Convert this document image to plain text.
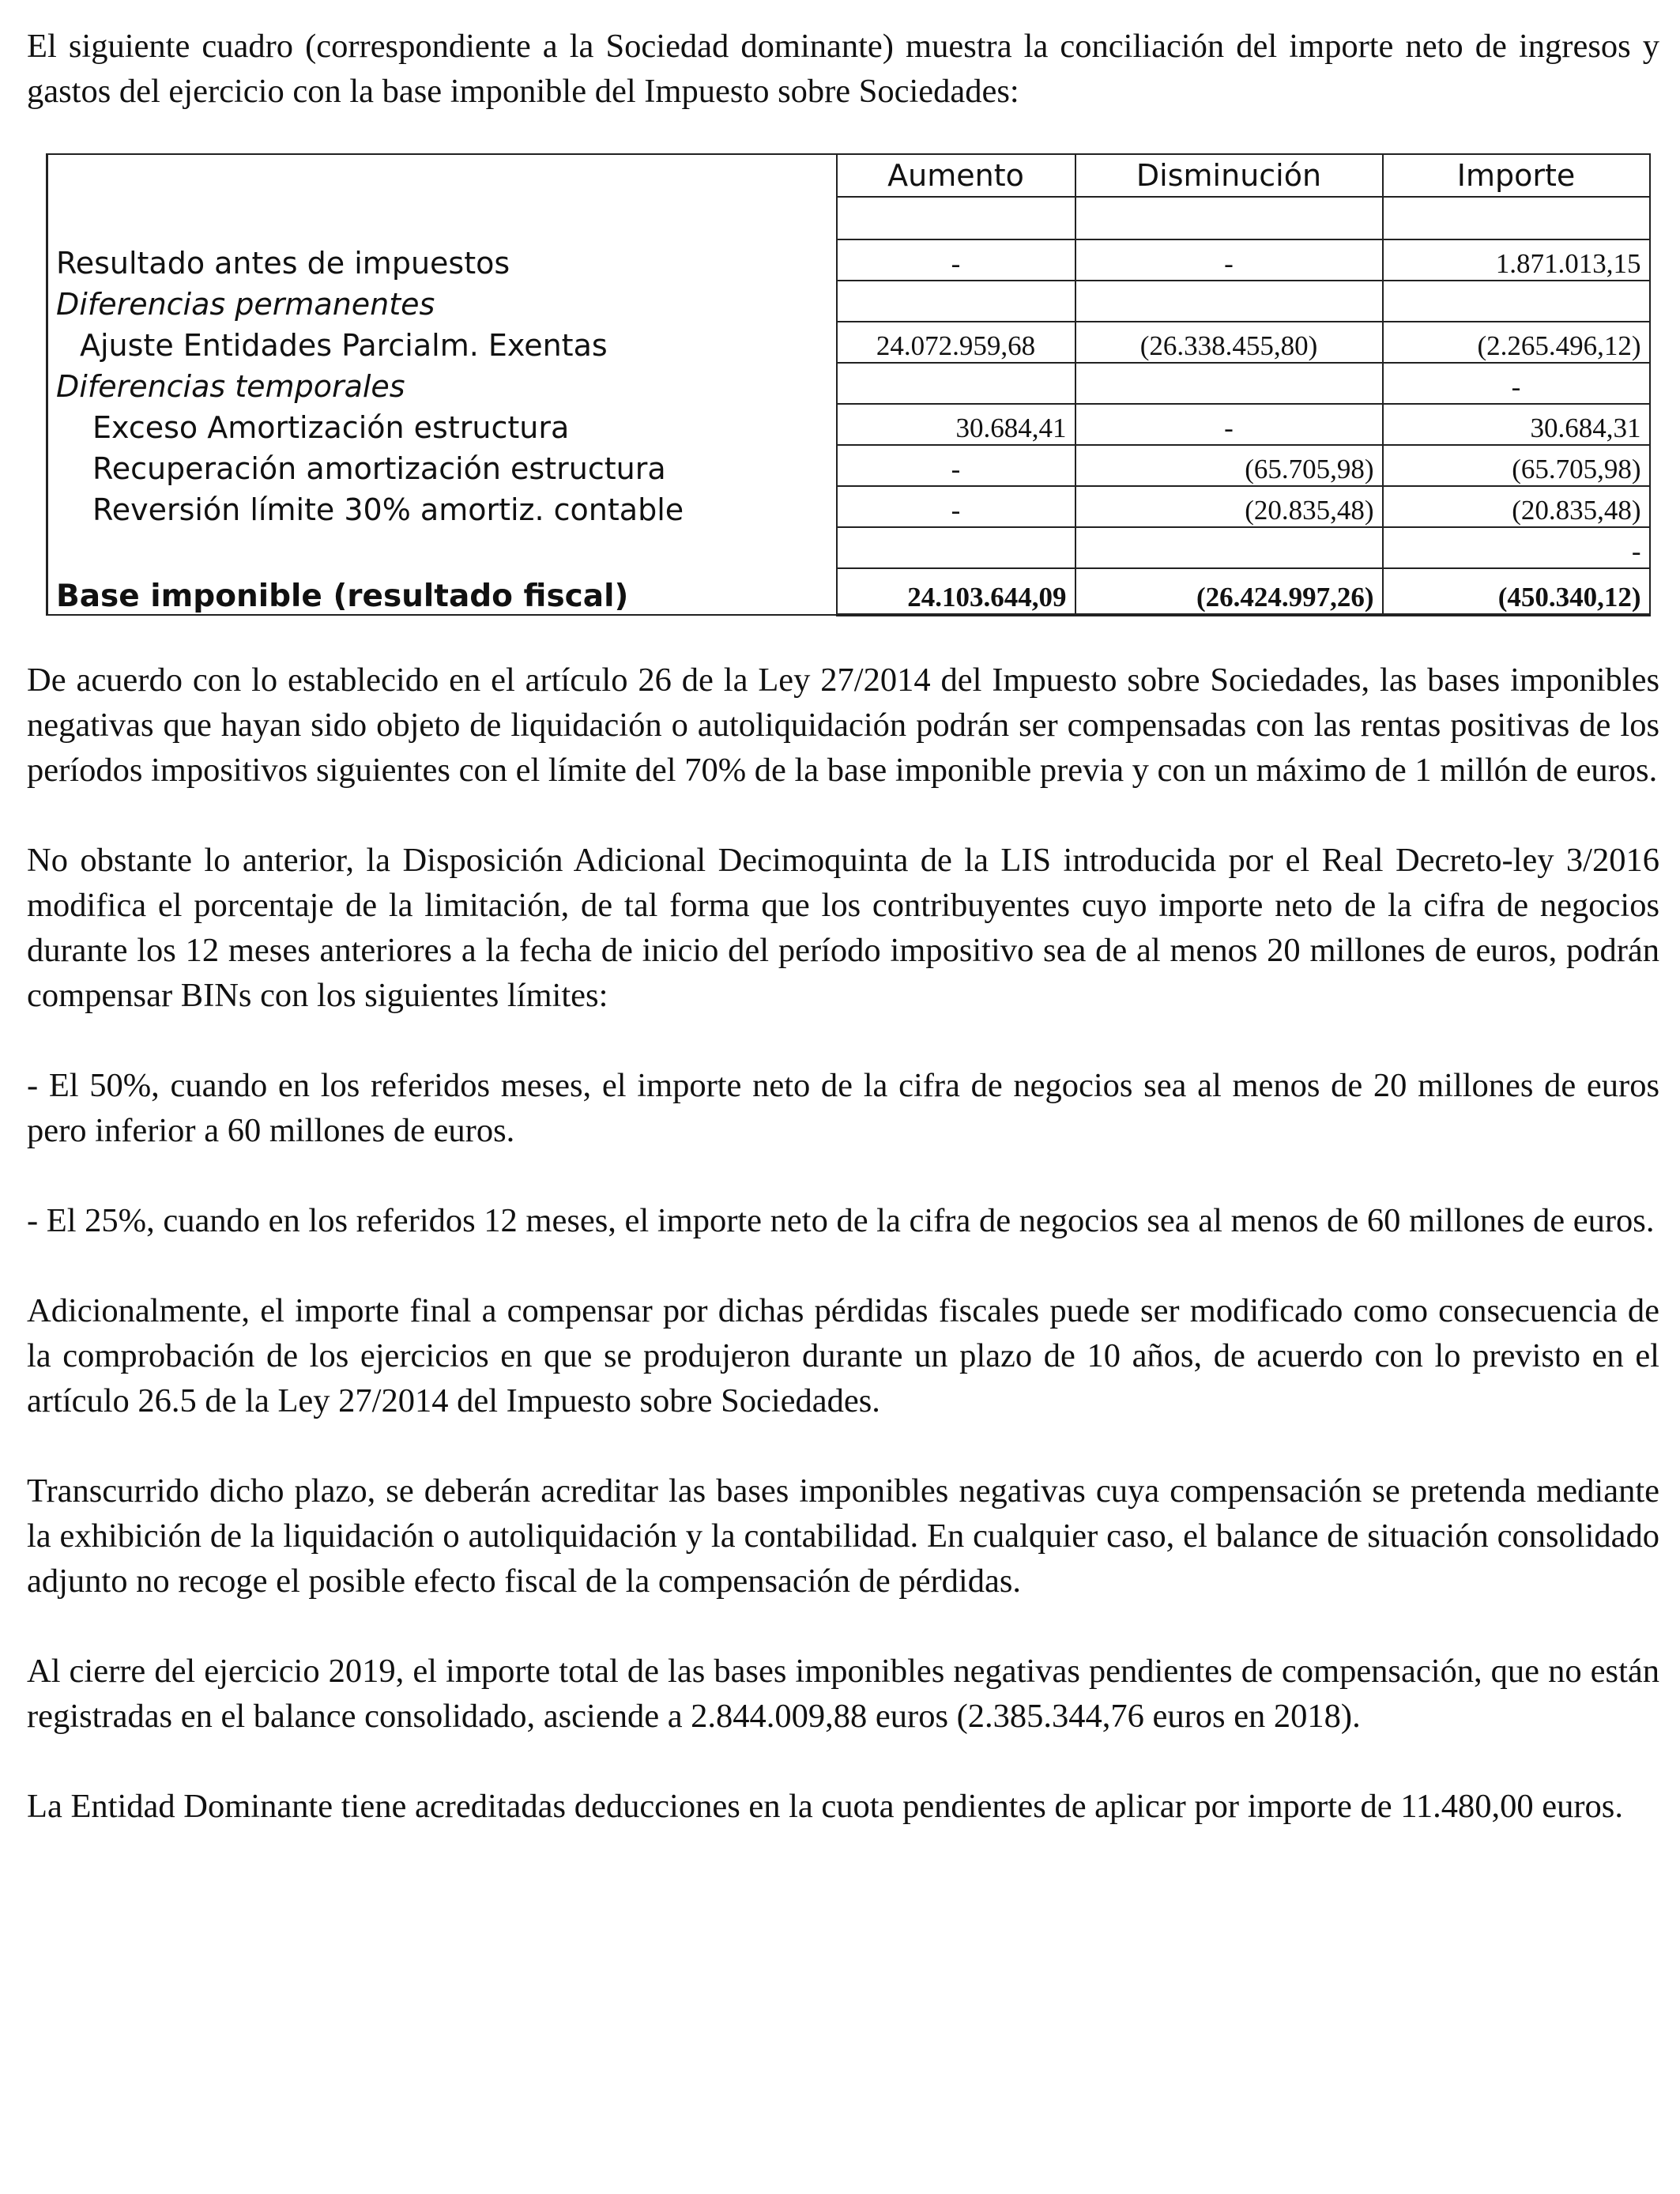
El siguiente cuadro (correspondiente a la Sociedad dominante) muestra la conciliación del importe neto de ingresos y gastos del ejercicio con la base imponible del Impuesto sobre Sociedades:

	Aumento	Disminución	Importe

Resultado antes de impuestos	-	-	1.871.013,15
Diferencias permanentes			
Ajuste Entidades Parcialm. Exentas	24.072.959,68	(26.338.455,80)	(2.265.496,12)
Diferencias temporales			-
Exceso Amortización estructura	30.684,41	-	30.684,31
Recuperación amortización estructura	-	(65.705,98)	(65.705,98)
Reversión límite 30% amortiz. contable	-	(20.835,48)	(20.835,48)
			-
Base imponible (resultado fiscal)	24.103.644,09	(26.424.997,26)	(450.340,12)

De acuerdo con lo establecido en el artículo 26 de la Ley 27/2014 del Impuesto sobre Sociedades, las bases imponibles negativas que hayan sido objeto de liquidación o autoliquidación podrán ser compensadas con las rentas positivas de los períodos impositivos siguientes con el límite del 70% de la base imponible previa y con un máximo de 1 millón de euros.

No obstante lo anterior, la Disposición Adicional Decimoquinta de la LIS introducida por el Real Decreto-ley 3/2016 modifica el porcentaje de la limitación, de tal forma que los contribuyentes cuyo importe neto de la cifra de negocios durante los 12 meses anteriores a la fecha de inicio del período impositivo sea de al menos 20 millones de euros, podrán compensar BINs con los siguientes límites:

- El 50%, cuando en los referidos meses, el importe neto de la cifra de negocios sea al menos de 20 millones de euros pero inferior a 60 millones de euros.

- El 25%, cuando en los referidos 12 meses, el importe neto de la cifra de negocios sea al menos de 60 millones de euros.

Adicionalmente, el importe final a compensar por dichas pérdidas fiscales puede ser modificado como consecuencia de la comprobación de los ejercicios en que se produjeron durante un plazo de 10 años, de acuerdo con lo previsto en el artículo 26.5 de la Ley 27/2014 del Impuesto sobre Sociedades.

Transcurrido dicho plazo, se deberán acreditar las bases imponibles negativas cuya compensación se pretenda mediante la exhibición de la liquidación o autoliquidación y la contabilidad. En cualquier caso, el balance de situación consolidado adjunto no recoge el posible efecto fiscal de la compensación de pérdidas.

Al cierre del ejercicio 2019, el importe total de las bases imponibles negativas pendientes de compensación, que no están registradas en el balance consolidado, asciende a 2.844.009,88 euros (2.385.344,76 euros en 2018).

La Entidad Dominante tiene acreditadas deducciones en la cuota pendientes de aplicar por importe de 11.480,00 euros.
